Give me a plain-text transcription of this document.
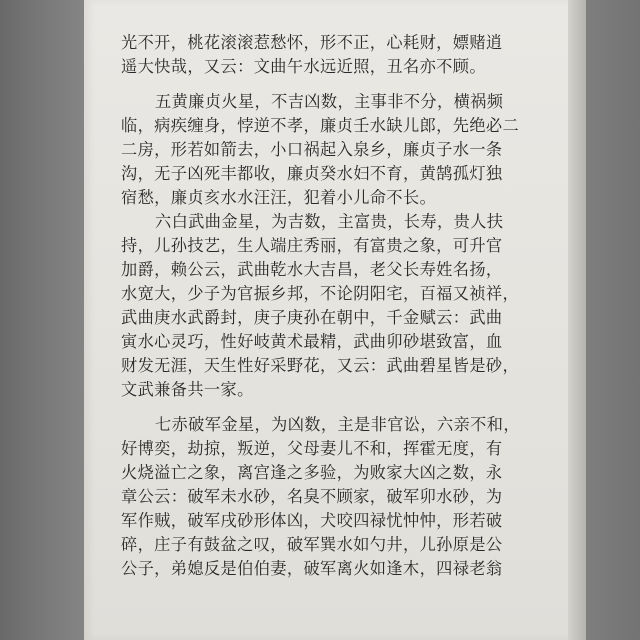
光不开，桃花滚滚惹愁怀，形不正，心耗财，嫖赌逍
遥大快哉，又云：文曲午水远近照，丑名亦不顾。
五黄廉贞火星，不吉凶数，主事非不分，横祸频
临，病疾缠身，悖逆不孝，廉贞壬水缺儿郎，先绝必二
二房，形若如箭去，小口祸起入泉乡，廉贞子水一条
沟，无子凶死丰都收，廉贞癸水妇不育，黄鹄孤灯独
宿愁，廉贞亥水水汪汪，犯着小儿命不长。
六白武曲金星，为吉数，主富贵，长寿，贵人扶
持，儿孙技艺，生人端庄秀丽，有富贵之象，可升官
加爵，赖公云，武曲乾水大吉昌，老父长寿姓名扬，
水宽大，少子为官振乡邦，不论阴阳宅，百福又祯祥，
武曲庚水武爵封，庚子庚孙在朝中，千金赋云：武曲
寅水心灵巧，性好岐黄术最精，武曲卯砂堪致富，血
财发无涯，天生性好采野花，又云：武曲碧星皆是砂，
文武兼备共一家。
七赤破军金星，为凶数，主是非官讼，六亲不和，
好博奕，劫掠，叛逆，父母妻儿不和，挥霍无度，有
火烧溢亡之象，离宫逢之多验，为败家大凶之数，永
章公云：破军未水砂，名臭不顾家，破军卯水砂，为
军作贼，破军戌砂形体凶，犬咬四禄忧忡忡，形若破
碎，庄子有鼓盆之叹，破军巽水如勺井，儿孙原是公
公子，弟媳反是伯伯妻，破军离火如逢木，四禄老翁
